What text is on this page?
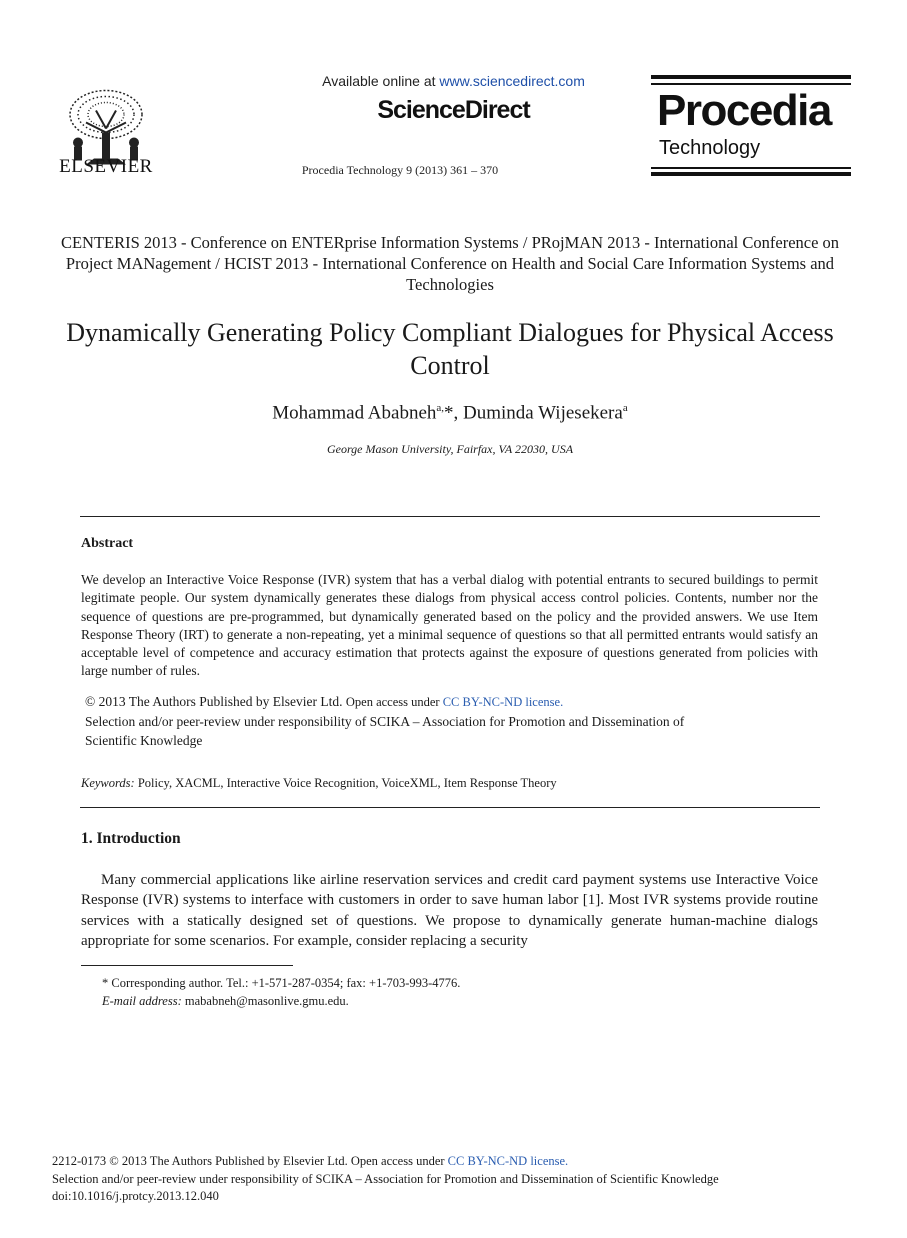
ELSEVIER
Available online at www.sciencedirect.com
ScienceDirect
Procedia Technology 9 (2013) 361 – 370
Procedia
Technology
CENTERIS 2013 - Conference on ENTERprise Information Systems / PRojMAN 2013 - International Conference on Project MANagement / HCIST 2013 - International Conference on Health and Social Care Information Systems and Technologies
Dynamically Generating Policy Compliant Dialogues for Physical Access Control
Mohammad Ababneh$^{a,}$*, Duminda Wijesekera$^a$
George Mason University, Fairfax, VA 22030, USA
Abstract
We develop an Interactive Voice Response (IVR) system that has a verbal dialog with potential entrants to secured buildings to permit legitimate people. Our system dynamically generates these dialogs from physical access control policies. Contents, number nor the sequence of questions are pre-programmed, but dynamically generated based on the policy and the provided answers. We use Item Response Theory (IRT) to generate a non-repeating, yet a minimal sequence of questions so that all permitted entrants would satisfy an acceptable level of competence and accuracy estimation that protects against the exposure of questions generated from policies with large number of rules.
© 2013 The Authors Published by Elsevier Ltd. Open access under CC BY-NC-ND license.
Selection and/or peer-review under responsibility of SCIKA – Association for Promotion and Dissemination of
Scientific Knowledge
Keywords: Policy, XACML, Interactive Voice Recognition, VoiceXML, Item Response Theory
1. Introduction
Many commercial applications like airline reservation services and credit card payment systems use Interactive Voice Response (IVR) systems to interface with customers in order to save human labor [1]. Most IVR systems provide routine services with a statically designed set of questions. We propose to dynamically generate human-machine dialogs appropriate for some scenarios. For example, consider replacing a security
* Corresponding author. Tel.: +1-571-287-0354; fax: +1-703-993-4776.
E-mail address: mababneh@masonlive.gmu.edu.
2212-0173 © 2013 The Authors Published by Elsevier Ltd. Open access under CC BY-NC-ND license.
Selection and/or peer-review under responsibility of SCIKA – Association for Promotion and Dissemination of Scientific Knowledge
doi:10.1016/j.protcy.2013.12.040
